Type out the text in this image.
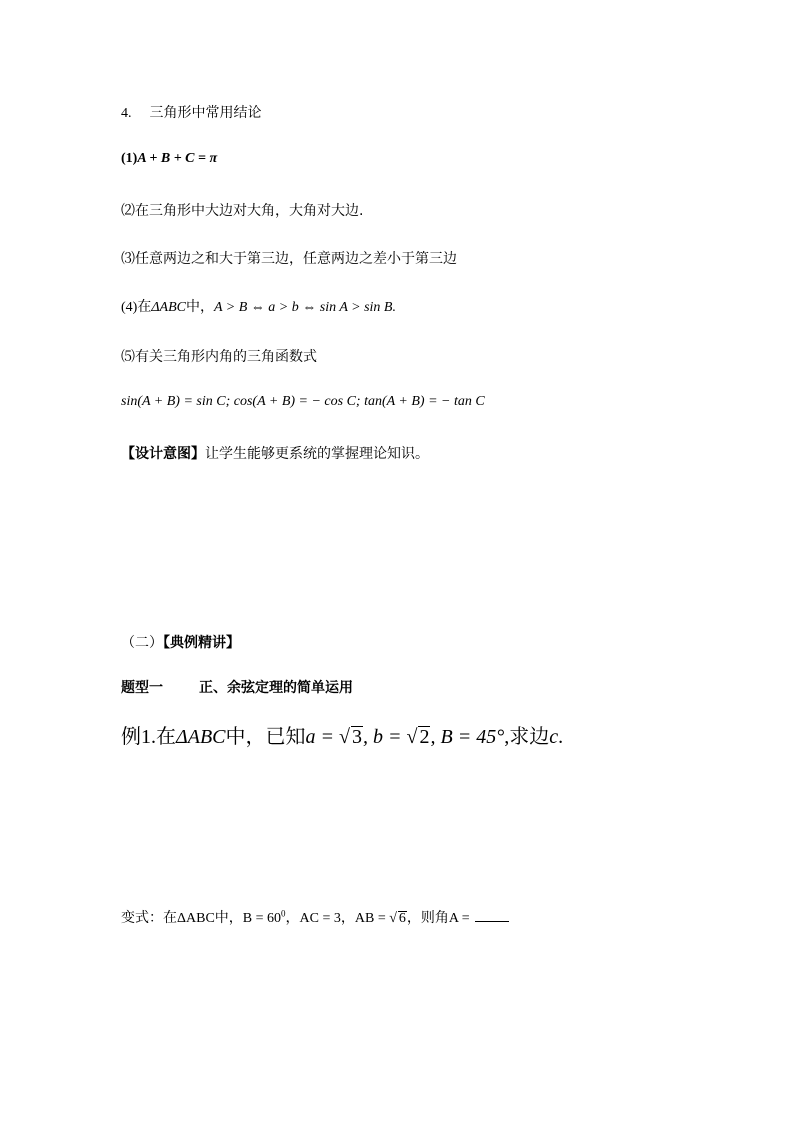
4. 三角形中常用结论
(1)A + B + C = π
⑵在三角形中大边对大角，大角对大边.
⑶任意两边之和大于第三边，任意两边之差小于第三边
(4)在ΔABC中，A > B ⇔ a > b ⇔ sin A > sin B.
⑸有关三角形内角的三角函数式
sin(A + B) = sin C; cos(A + B) = − cos C; tan(A + B) = − tan C
【设计意图】让学生能够更系统的掌握理论知识。
（二）【典例精讲】
题型一	正、余弦定理的简单运用
例1.在ΔABC中，已知a = √ 3, b = √ 2, B = 45°,求边c.
变式：在ΔABC中，$B = 60^0$，AC = 3，AB = √ 6，则角A =
